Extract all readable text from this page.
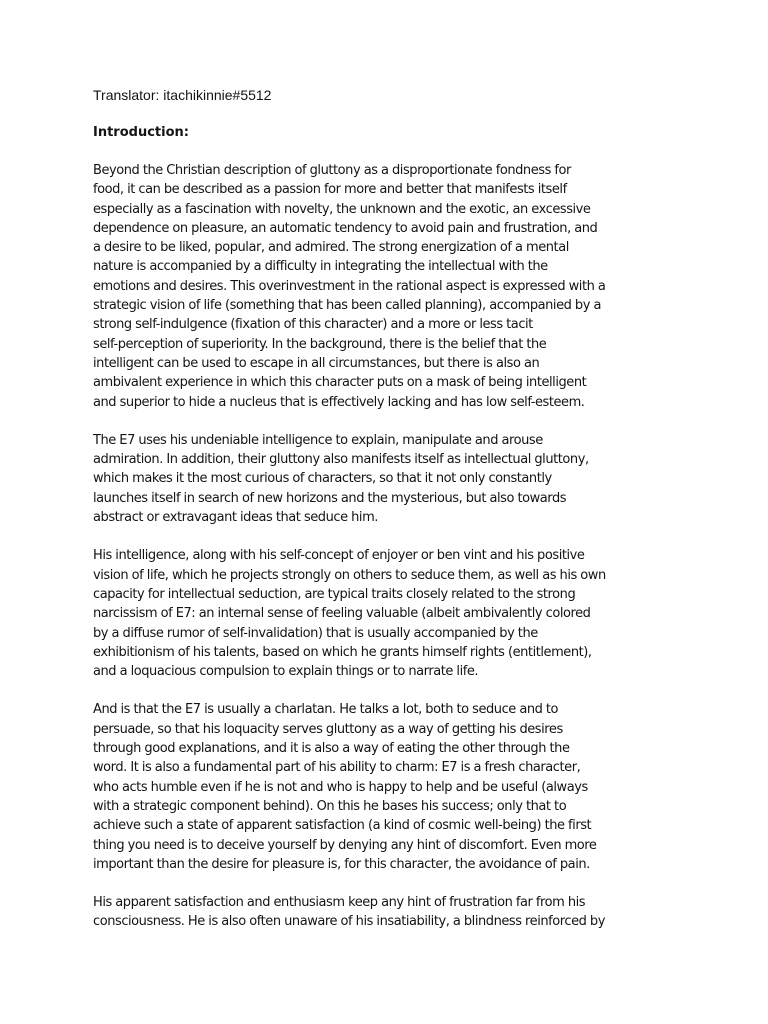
Translator: itachikinnie#5512

Introduction:

Beyond the Christian description of gluttony as a disproportionate fondness for
food, it can be described as a passion for more and better that manifests itself
especially as a fascination with novelty, the unknown and the exotic, an excessive
dependence on pleasure, an automatic tendency to avoid pain and frustration, and
a desire to be liked, popular, and admired. The strong energization of a mental
nature is accompanied by a difficulty in integrating the intellectual with the
emotions and desires. This overinvestment in the rational aspect is expressed with a
strategic vision of life (something that has been called planning), accompanied by a
strong self-indulgence (fixation of this character) and a more or less tacit
self-perception of superiority. In the background, there is the belief that the
intelligent can be used to escape in all circumstances, but there is also an
ambivalent experience in which this character puts on a mask of being intelligent
and superior to hide a nucleus that is effectively lacking and has low self-esteem.

The E7 uses his undeniable intelligence to explain, manipulate and arouse
admiration. In addition, their gluttony also manifests itself as intellectual gluttony,
which makes it the most curious of characters, so that it not only constantly
launches itself in search of new horizons and the mysterious, but also towards
abstract or extravagant ideas that seduce him.

His intelligence, along with his self-concept of enjoyer or ben vint and his positive
vision of life, which he projects strongly on others to seduce them, as well as his own
capacity for intellectual seduction, are typical traits closely related to the strong
narcissism of E7: an internal sense of feeling valuable (albeit ambivalently colored
by a diffuse rumor of self-invalidation) that is usually accompanied by the
exhibitionism of his talents, based on which he grants himself rights (entitlement),
and a loquacious compulsion to explain things or to narrate life.

And is that the E7 is usually a charlatan. He talks a lot, both to seduce and to
persuade, so that his loquacity serves gluttony as a way of getting his desires
through good explanations, and it is also a way of eating the other through the
word. It is also a fundamental part of his ability to charm: E7 is a fresh character,
who acts humble even if he is not and who is happy to help and be useful (always
with a strategic component behind). On this he bases his success; only that to
achieve such a state of apparent satisfaction (a kind of cosmic well-being) the first
thing you need is to deceive yourself by denying any hint of discomfort. Even more
important than the desire for pleasure is, for this character, the avoidance of pain.

His apparent satisfaction and enthusiasm keep any hint of frustration far from his
consciousness. He is also often unaware of his insatiability, a blindness reinforced by
